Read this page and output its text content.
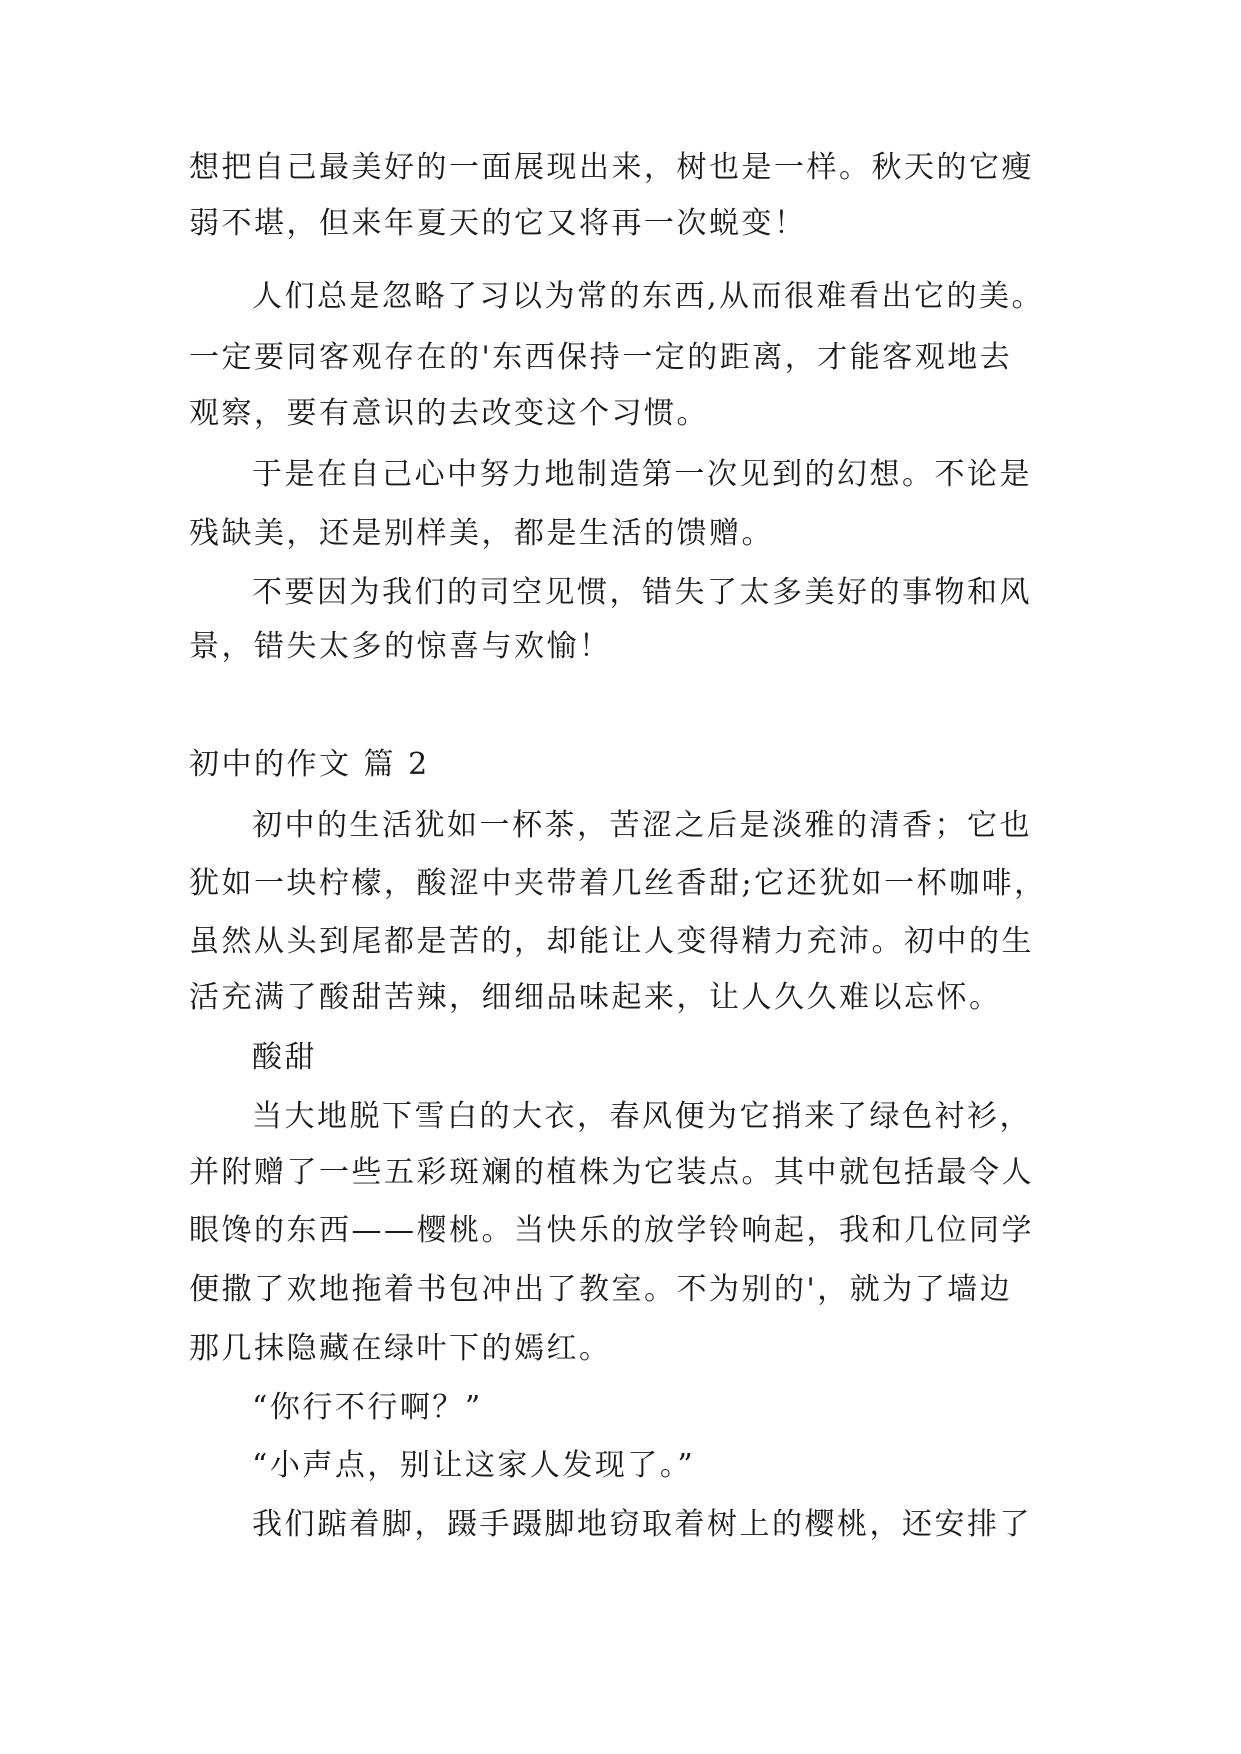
想把自己最美好的一面展现出来，树也是一样。秋天的它瘦
弱不堪，但来年夏天的它又将再一次蜕变！
人们总是忽略了习以为常的东西,从而很难看出它的美。
一定要同客观存在的'东西保持一定的距离，才能客观地去
观察，要有意识的去改变这个习惯。
于是在自己心中努力地制造第一次见到的幻想。不论是
残缺美，还是别样美，都是生活的馈赠。
不要因为我们的司空见惯，错失了太多美好的事物和风
景，错失太多的惊喜与欢愉！
初中的作文 篇 2
初中的生活犹如一杯茶，苦涩之后是淡雅的清香；它也
犹如一块柠檬，酸涩中夹带着几丝香甜;它还犹如一杯咖啡，
虽然从头到尾都是苦的，却能让人变得精力充沛。初中的生
活充满了酸甜苦辣，细细品味起来，让人久久难以忘怀。
酸甜
当大地脱下雪白的大衣，春风便为它捎来了绿色衬衫，
并附赠了一些五彩斑斓的植株为它装点。其中就包括最令人
眼馋的东西——樱桃。当快乐的放学铃响起，我和几位同学
便撒了欢地拖着书包冲出了教室。不为别的'，就为了墙边
那几抹隐藏在绿叶下的嫣红。
“你行不行啊？”
“小声点，别让这家人发现了。”
我们踮着脚，蹑手蹑脚地窃取着树上的樱桃，还安排了
